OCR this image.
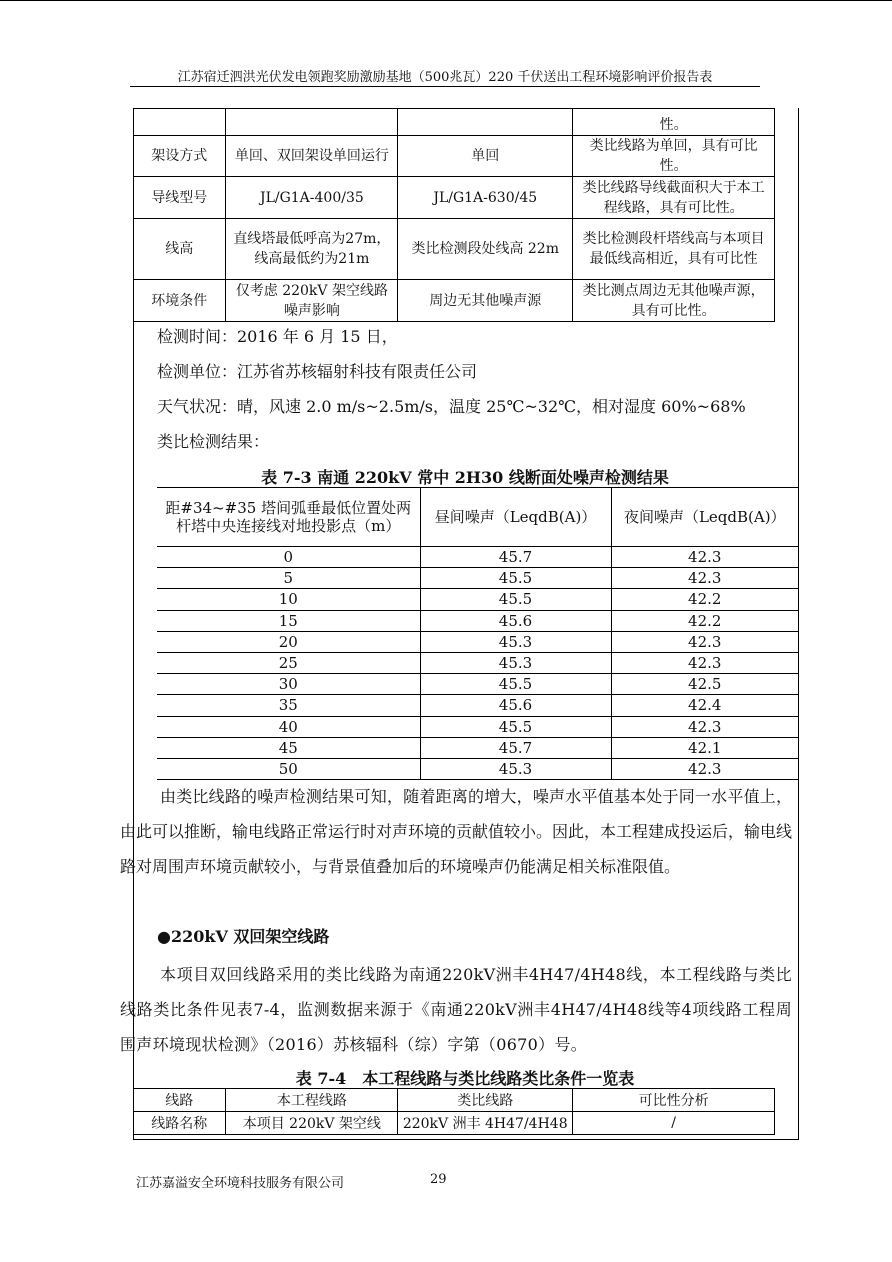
江苏宿迁泗洪光伏发电领跑奖励激励基地（500兆瓦）220 千伏送出工程环境影响评价报告表
			性。
架设方式	单回、双回架设单回运行	单回	类比线路为单回，具有可比性。
导线型号	JL/G1A-400/35	JL/G1A-630/45	类比线路导线截面积大于本工程线路，具有可比性。
线高	直线塔最低呼高为27m，线高最低约为21m	类比检测段处线高 22m	类比检测段杆塔线高与本项目最低线高相近，具有可比性
环境条件	仅考虑 220kV 架空线路噪声影响	周边无其他噪声源	类比测点周边无其他噪声源，具有可比性。
检测时间：2016 年 6 月 15 日，
检测单位：江苏省苏核辐射科技有限责任公司
天气状况：晴，风速 2.0 m/s~2.5m/s，温度 25℃~32℃，相对湿度 60%~68%
类比检测结果：
表 7-3 南通 220kV 常中 2H30 线断面处噪声检测结果
距#34~#35 塔间弧垂最低位置处两杆塔中央连接线对地投影点（m）	昼间噪声（LeqdB(A)）	夜间噪声（LeqdB(A)）
0	45.7	42.3
5	45.5	42.3
10	45.5	42.2
15	45.6	42.2
20	45.3	42.3
25	45.3	42.3
30	45.5	42.5
35	45.6	42.4
40	45.5	42.3
45	45.7	42.1
50	45.3	42.3
由类比线路的噪声检测结果可知，随着距离的增大，噪声水平值基本处于同一水平值上，由此可以推断，输电线路正常运行时对声环境的贡献值较小。因此，本工程建成投运后，输电线路对周围声环境贡献较小，与背景值叠加后的环境噪声仍能满足相关标准限值。
●220kV 双回架空线路
本项目双回线路采用的类比线路为南通220kV洲丰4H47/4H48线，本工程线路与类比线路类比条件见表7-4，监测数据来源于《南通220kV洲丰4H47/4H48线等4项线路工程周围声环境现状检测》（2016）苏核辐科（综）字第（0670）号。
表 7-4　本工程线路与类比线路类比条件一览表
线路	本工程线路	类比线路	可比性分析
线路名称	本项目 220kV 架空线	220kV 洲丰 4H47/4H48	/
江苏嘉溢安全环境科技服务有限公司	29
